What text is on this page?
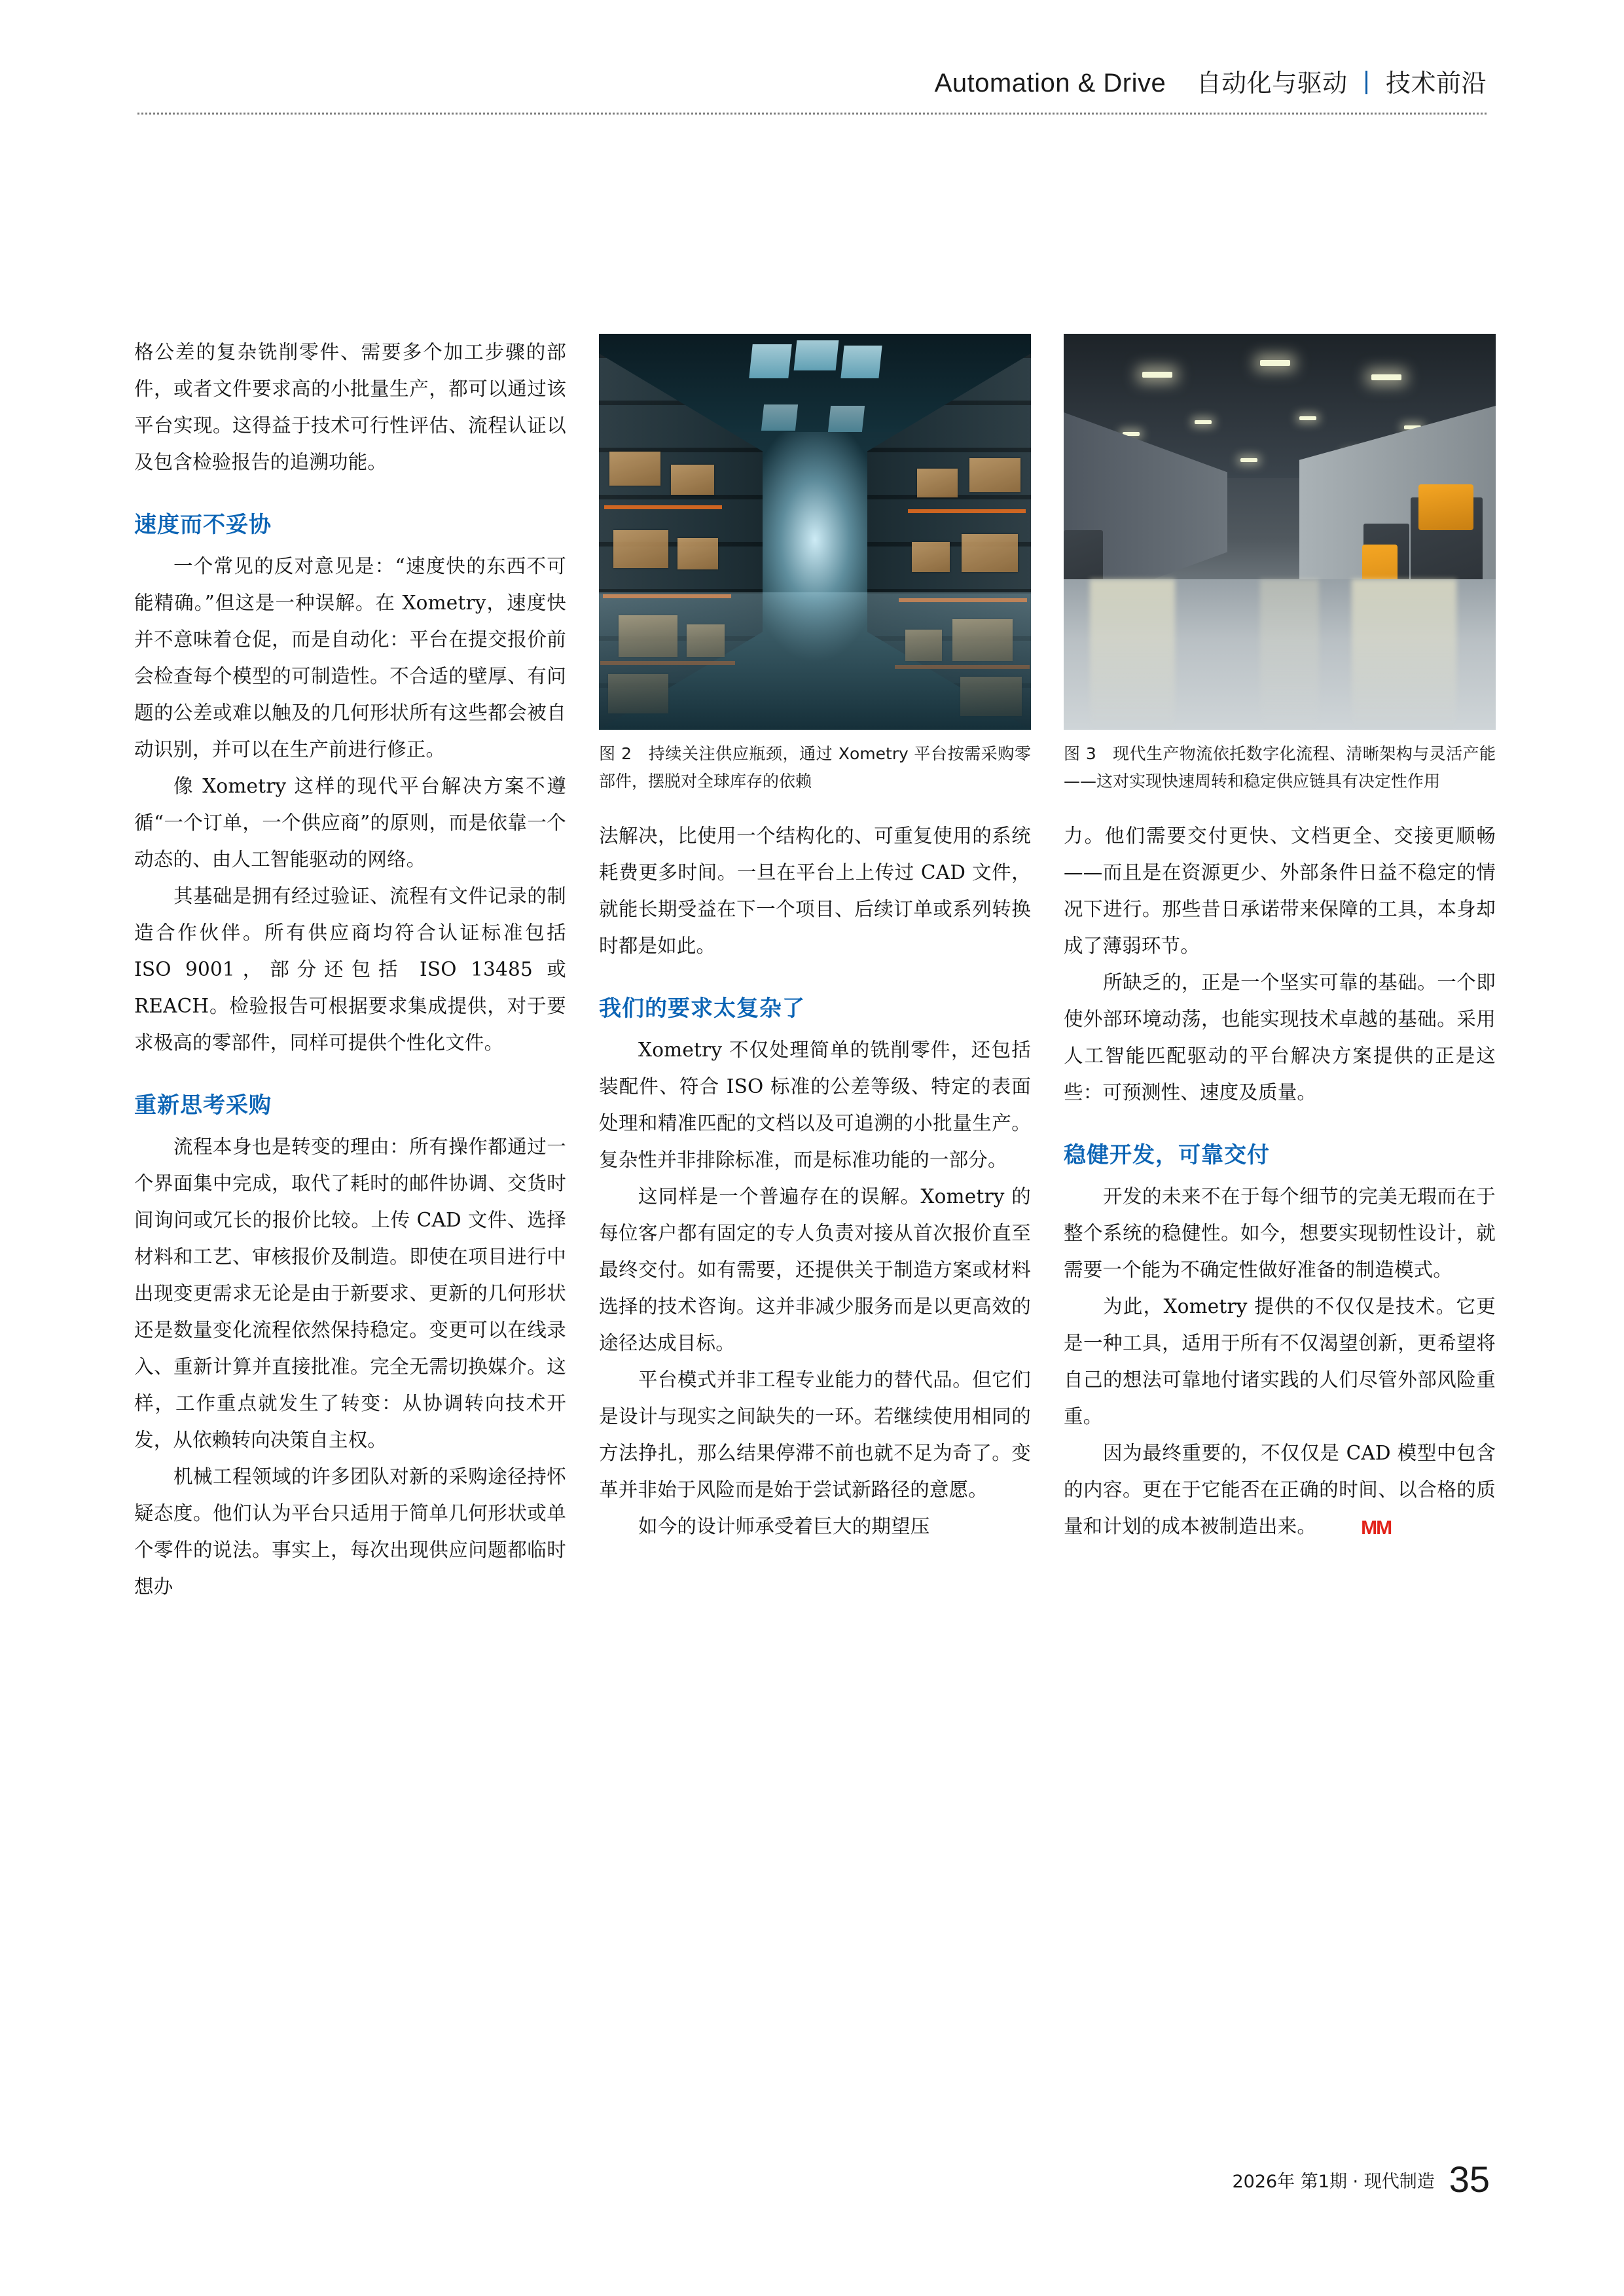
Automation & Drive 自动化与驱动 技术前沿

格公差的复杂铣削零件、需要多个加工步骤的部件，或者文件要求高的小批量生产，都可以通过该平台实现。这得益于技术可行性评估、流程认证以及包含检验报告的追溯功能。

速度而不妥协

一个常见的反对意见是：“速度快的东西不可能精确。”但这是一种误解。在 Xometry，速度快并不意味着仓促，而是自动化：平台在提交报价前会检查每个模型的可制造性。不合适的壁厚、有问题的公差或难以触及的几何形状所有这些都会被自动识别，并可以在生产前进行修正。

像 Xometry 这样的现代平台解决方案不遵循“一个订单，一个供应商”的原则，而是依靠一个动态的、由人工智能驱动的网络。

其基础是拥有经过验证、流程有文件记录的制造合作伙伴。所有供应商均符合认证标准包括 ISO 9001，部分还包括 ISO 13485 或 REACH。检验报告可根据要求集成提供，对于要求极高的零部件，同样可提供个性化文件。

重新思考采购

流程本身也是转变的理由：所有操作都通过一个界面集中完成，取代了耗时的邮件协调、交货时间询问或冗长的报价比较。上传 CAD 文件、选择材料和工艺、审核报价及制造。即使在项目进行中出现变更需求无论是由于新要求、更新的几何形状还是数量变化流程依然保持稳定。变更可以在线录入、重新计算并直接批准。完全无需切换媒介。这样，工作重点就发生了转变：从协调转向技术开发，从依赖转向决策自主权。

机械工程领域的许多团队对新的采购途径持怀疑态度。他们认为平台只适用于简单几何形状或单个零件的说法。事实上，每次出现供应问题都临时想办

图 2 持续关注供应瓶颈，通过 Xometry 平台按需采购零部件，摆脱对全球库存的依赖

法解决，比使用一个结构化的、可重复使用的系统耗费更多时间。一旦在平台上上传过 CAD 文件，就能长期受益在下一个项目、后续订单或系列转换时都是如此。

我们的要求太复杂了

Xometry 不仅处理简单的铣削零件，还包括装配件、符合 ISO 标准的公差等级、特定的表面处理和精准匹配的文档以及可追溯的小批量生产。复杂性并非排除标准，而是标准功能的一部分。

这同样是一个普遍存在的误解。Xometry 的每位客户都有固定的专人负责对接从首次报价直至最终交付。如有需要，还提供关于制造方案或材料选择的技术咨询。这并非减少服务而是以更高效的途径达成目标。

平台模式并非工程专业能力的替代品。但它们是设计与现实之间缺失的一环。若继续使用相同的方法挣扎，那么结果停滞不前也就不足为奇了。变革并非始于风险而是始于尝试新路径的意愿。

如今的设计师承受着巨大的期望压

图 3 现代生产物流依托数字化流程、清晰架构与灵活产能——这对实现快速周转和稳定供应链具有决定性作用

力。他们需要交付更快、文档更全、交接更顺畅——而且是在资源更少、外部条件日益不稳定的情况下进行。那些昔日承诺带来保障的工具，本身却成了薄弱环节。

所缺乏的，正是一个坚实可靠的基础。一个即使外部环境动荡，也能实现技术卓越的基础。采用人工智能匹配驱动的平台解决方案提供的正是这些：可预测性、速度及质量。

稳健开发，可靠交付

开发的未来不在于每个细节的完美无瑕而在于整个系统的稳健性。如今，想要实现韧性设计，就需要一个能为不确定性做好准备的制造模式。

为此，Xometry 提供的不仅仅是技术。它更是一种工具，适用于所有不仅渴望创新，更希望将自己的想法可靠地付诸实践的人们尽管外部风险重重。

因为最终重要的，不仅仅是 CAD 模型中包含的内容。更在于它能否在正确的时间、以合格的质量和计划的成本被制造出来。 MM

2026年 第1期 · 现代制造 35
